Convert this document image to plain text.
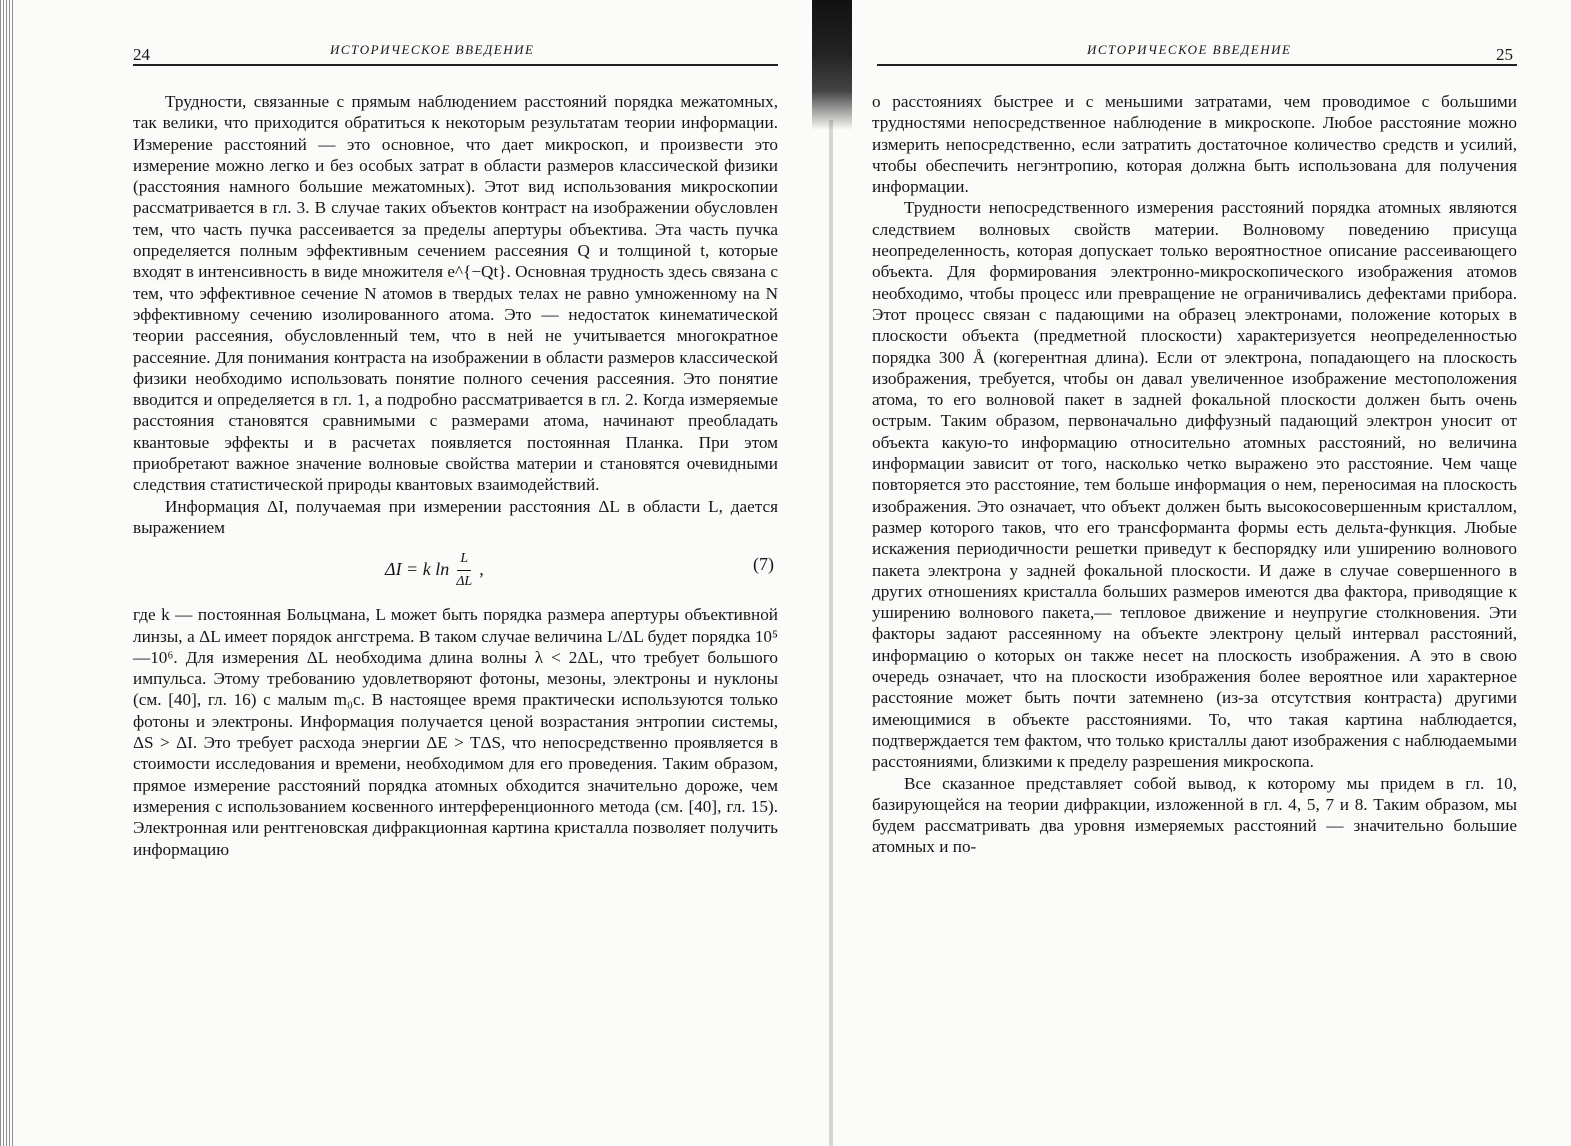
24	ИСТОРИЧЕСКОЕ ВВЕДЕНИЕ

Трудности, связанные с прямым наблюдением расстояний порядка межатомных, так велики, что приходится обратиться к некоторым результатам теории информации. Измерение расстояний — это основное, что дает микроскоп, и произвести это измерение можно легко и без особых затрат в области размеров классической физики (расстояния намного большие межатомных). Этот вид использования микроскопии рассматривается в гл. 3. В случае таких объектов контраст на изображении обусловлен тем, что часть пучка рассеивается за пределы апертуры объектива. Эта часть пучка определяется полным эффективным сечением рассеяния Q и толщиной t, которые входят в интенсивность в виде множителя e^{−Qt}. Основная трудность здесь связана с тем, что эффективное сечение N атомов в твердых телах не равно умноженному на N эффективному сечению изолированного атома. Это — недостаток кинематической теории рассеяния, обусловленный тем, что в ней не учитывается многократное рассеяние. Для понимания контраста на изображении в области размеров классической физики необходимо использовать понятие полного сечения рассеяния. Это понятие вводится и определяется в гл. 1, а подробно рассматривается в гл. 2. Когда измеряемые расстояния становятся сравнимыми с размерами атома, начинают преобладать квантовые эффекты и в расчетах появляется постоянная Планка. При этом приобретают важное значение волновые свойства материи и становятся очевидными следствия статистической природы квантовых взаимодействий.

Информация ΔI, получаемая при измерении расстояния ΔL в области L, дается выражением

ΔI = k $\ln \frac{L}{\Delta L}$ ,	(7)

где k — постоянная Больцмана, L может быть порядка размера апертуры объективной линзы, а ΔL имеет порядок ангстрема. В таком случае величина L/ΔL будет порядка 10⁵—10⁶. Для измерения ΔL необходима длина волны λ < 2ΔL, что требует большого импульса. Этому требованию удовлетворяют фотоны, мезоны, электроны и нуклоны (см. [40], гл. 16) с малым m₀c. В настоящее время практически используются только фотоны и электроны. Информация получается ценой возрастания энтропии системы, ΔS > ΔI. Это требует расхода энергии ΔE > TΔS, что непосредственно проявляется в стоимости исследования и времени, необходимом для его проведения. Таким образом, прямое измерение расстояний порядка атомных обходится значительно дороже, чем измерения с использованием косвенного интерференционного метода (см. [40], гл. 15). Электронная или рентгеновская дифракционная картина кристалла позволяет получить информацию

ИСТОРИЧЕСКОЕ ВВЕДЕНИЕ	25

о расстояниях быстрее и с меньшими затратами, чем проводимое с большими трудностями непосредственное наблюдение в микроскопе. Любое расстояние можно измерить непосредственно, если затратить достаточное количество средств и усилий, чтобы обеспечить негэнтропию, которая должна быть использована для получения информации.

Трудности непосредственного измерения расстояний порядка атомных являются следствием волновых свойств материи. Волновому поведению присуща неопределенность, которая допускает только вероятностное описание рассеивающего объекта. Для формирования электронно-микроскопического изображения атомов необходимо, чтобы процесс или превращение не ограничивались дефектами прибора. Этот процесс связан с падающими на образец электронами, положение которых в плоскости объекта (предметной плоскости) характеризуется неопределенностью порядка 300 Å (когерентная длина). Если от электрона, попадающего на плоскость изображения, требуется, чтобы он давал увеличенное изображение местоположения атома, то его волновой пакет в задней фокальной плоскости должен быть очень острым. Таким образом, первоначально диффузный падающий электрон уносит от объекта какую-то информацию относительно атомных расстояний, но величина информации зависит от того, насколько четко выражено это расстояние. Чем чаще повторяется это расстояние, тем больше информация о нем, переносимая на плоскость изображения. Это означает, что объект должен быть высокосовершенным кристаллом, размер которого таков, что его трансформанта формы есть дельта-функция. Любые искажения периодичности решетки приведут к беспорядку или уширению волнового пакета электрона у задней фокальной плоскости. И даже в случае совершенного в других отношениях кристалла больших размеров имеются два фактора, приводящие к уширению волнового пакета,— тепловое движение и неупругие столкновения. Эти факторы задают рассеянному на объекте электрону целый интервал расстояний, информацию о которых он также несет на плоскость изображения. А это в свою очередь означает, что на плоскости изображения более вероятное или характерное расстояние может быть почти затемнено (из-за отсутствия контраста) другими имеющимися в объекте расстояниями. То, что такая картина наблюдается, подтверждается тем фактом, что только кристаллы дают изображения с наблюдаемыми расстояниями, близкими к пределу разрешения микроскопа.

Все сказанное представляет собой вывод, к которому мы придем в гл. 10, базирующейся на теории дифракции, изложенной в гл. 4, 5, 7 и 8. Таким образом, мы будем рассматривать два уровня измеряемых расстояний — значительно большие атомных и по-
